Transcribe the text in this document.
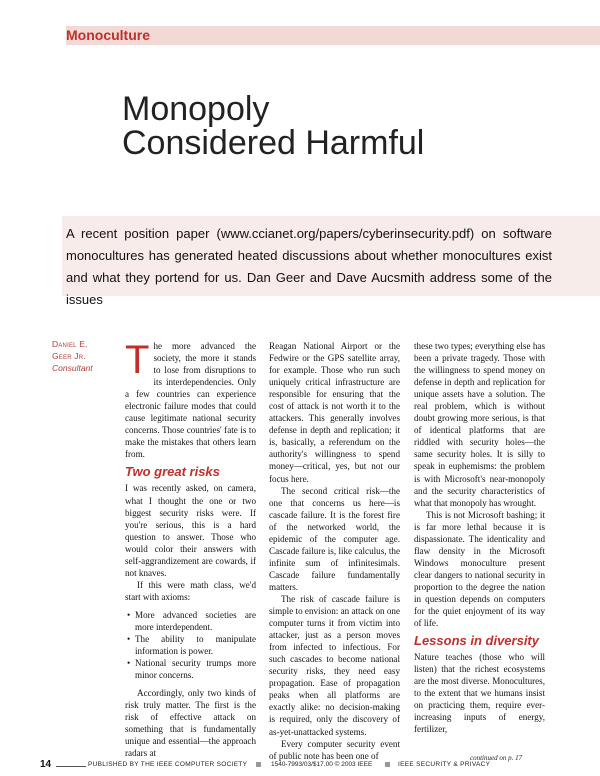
Monoculture
Monopoly
Considered Harmful

A recent position paper (www.ccianet.org/papers/cyberinsecurity.pdf) on software monocultures has generated heated discussions about whether monocultures exist and what they portend for us. Dan Geer and Dave Aucsmith address some of the issues

Daniel E.
Geer Jr.
Consultant The more advanced the society, the more it stands to lose from disruptions to its interdependencies. Only a few countries can experience electronic failure modes that could cause legitimate national security concerns. Those countries' fate is to make the mistakes that others learn from.

Two great risks

I was recently asked, on camera, what I thought the one or two biggest security risks were. If you're serious, this is a hard question to answer. Those who would color their answers with self-aggrandizement are cowards, if not knaves.

If this were math class, we'd start with axioms:

• More advanced societies are more interdependent.
• The ability to manipulate information is power.
• National security trumps more minor concerns.

Accordingly, only two kinds of risk truly matter. The first is the risk of effective attack on something that is fundamentally unique and essential—the approach radars at

Reagan National Airport or the Fedwire or the GPS satellite array, for example. Those who run such uniquely critical infrastructure are responsible for ensuring that the cost of attack is not worth it to the attackers. This generally involves defense in depth and replication; it is, basically, a referendum on the authority's willingness to spend money—critical, yes, but not our focus here.

The second critical risk—the one that concerns us here—is cascade failure. It is the forest fire of the networked world, the epidemic of the computer age. Cascade failure is, like calculus, the infinite sum of infinitesimals. Cascade failure fundamentally matters.

The risk of cascade failure is simple to envision: an attack on one computer turns it from victim into attacker, just as a person moves from infected to infectious. For such cascades to become national security risks, they need easy propagation. Ease of propagation peaks when all platforms are exactly alike: no decision-making is required, only the discovery of as-yet-unattacked systems.

Every computer security event of public note has been one of

these two types; everything else has been a private tragedy. Those with the willingness to spend money on defense in depth and replication for unique assets have a solution. The real problem, which is without doubt growing more serious, is that of identical platforms that are riddled with security holes—the same security holes. It is silly to speak in euphemisms: the problem is with Microsoft's near-monopoly and the security characteristics of what that monopoly has wrought.

This is not Microsoft bashing; it is far more lethal because it is dispassionate. The identicality and flaw density in the Microsoft Windows monoculture present clear dangers to national security in proportion to the degree the nation in question depends on computers for the quiet enjoyment of its way of life.

Lessons in diversity

Nature teaches (those who will listen) that the richest ecosystems are the most diverse. Monocultures, to the extent that we humans insist on practicing them, require ever-increasing inputs of energy, fertilizer,

continued on p. 17
14	PUBLISHED BY THE IEEE COMPUTER SOCIETY	1540-7993/03/$17.00 © 2003 IEEE	IEEE SECURITY & PRIVACY
